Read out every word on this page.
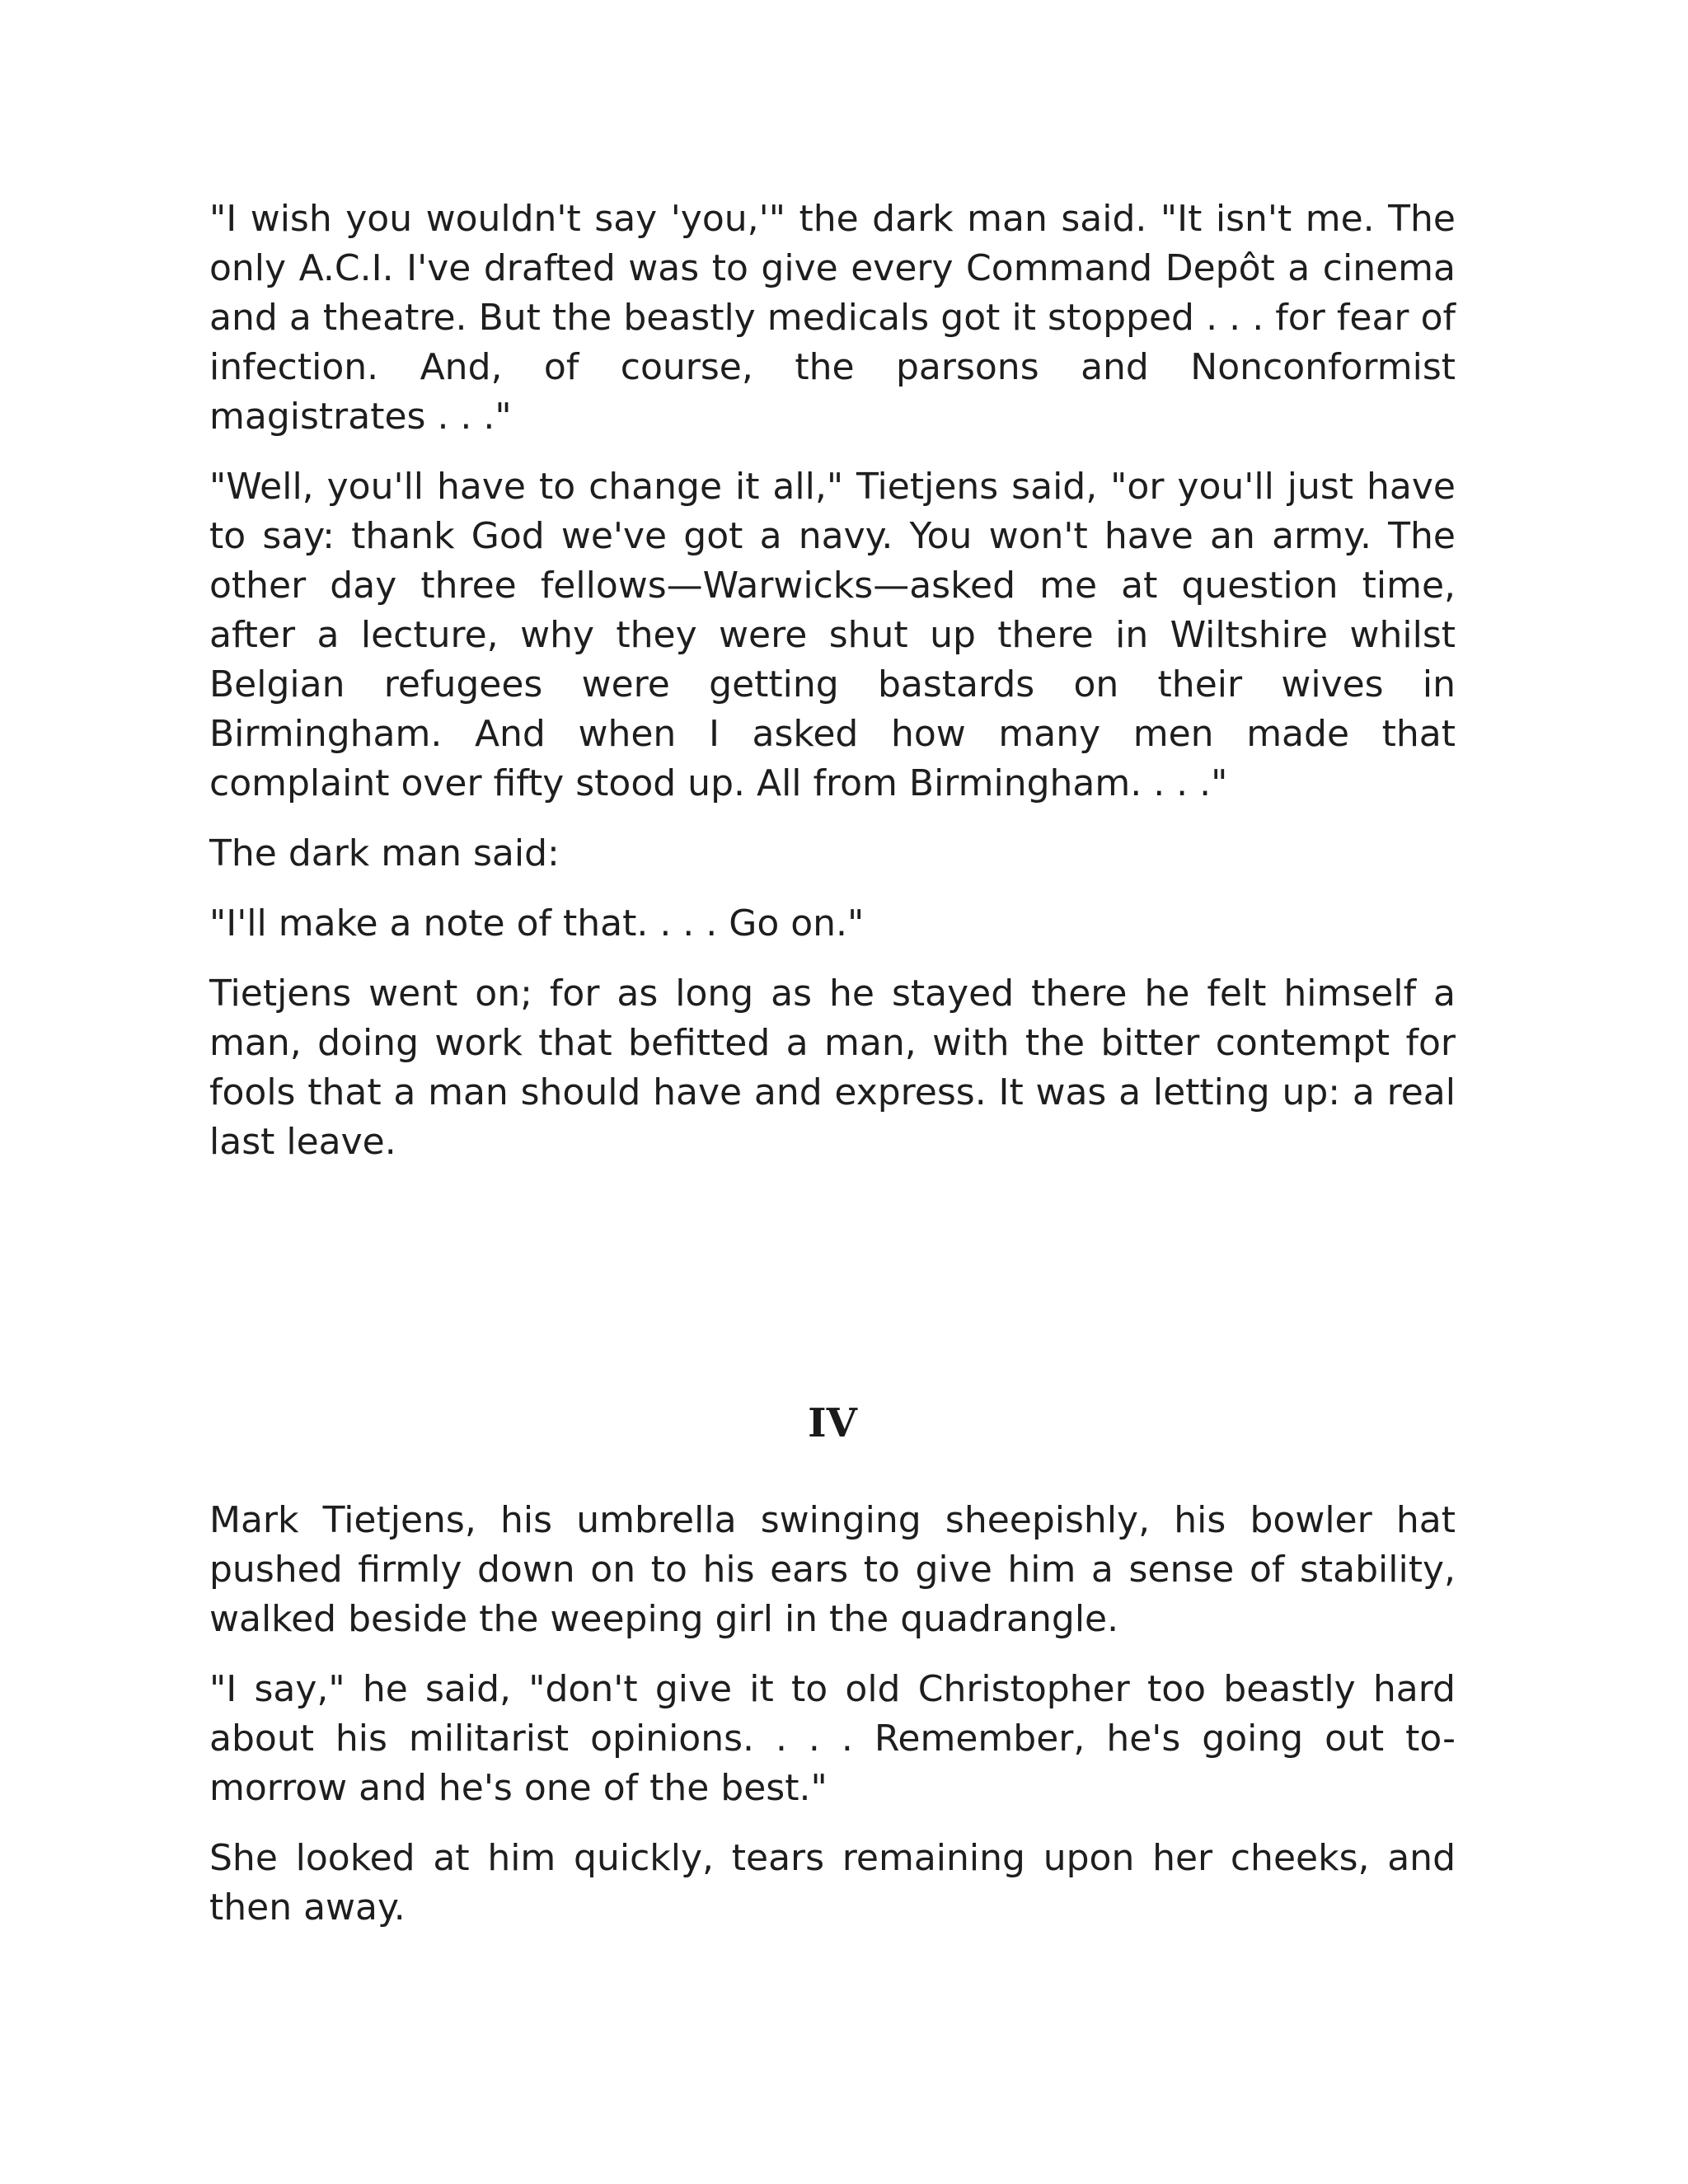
"I wish you wouldn't say 'you,'" the dark man said. "It isn't me. The only A.C.I. I've drafted was to give every Command Depôt a cinema and a theatre. But the beastly medicals got it stopped . . . for fear of infection. And, of course, the parsons and Nonconformist magistrates . . ."

"Well, you'll have to change it all," Tietjens said, "or you'll just have to say: thank God we've got a navy. You won't have an army. The other day three fellows—Warwicks—asked me at question time, after a lecture, why they were shut up there in Wiltshire whilst Belgian refugees were getting bastards on their wives in Birmingham. And when I asked how many men made that complaint over fifty stood up. All from Birmingham. . . ."

The dark man said:

"I'll make a note of that. . . . Go on."

Tietjens went on; for as long as he stayed there he felt himself a man, doing work that befitted a man, with the bitter contempt for fools that a man should have and express. It was a letting up: a real last leave.

IV

Mark Tietjens, his umbrella swinging sheepishly, his bowler hat pushed firmly down on to his ears to give him a sense of stability, walked beside the weeping girl in the quadrangle.

"I say," he said, "don't give it to old Christopher too beastly hard about his militarist opinions. . . . Remember, he's going out to-morrow and he's one of the best."

She looked at him quickly, tears remaining upon her cheeks, and then away.
